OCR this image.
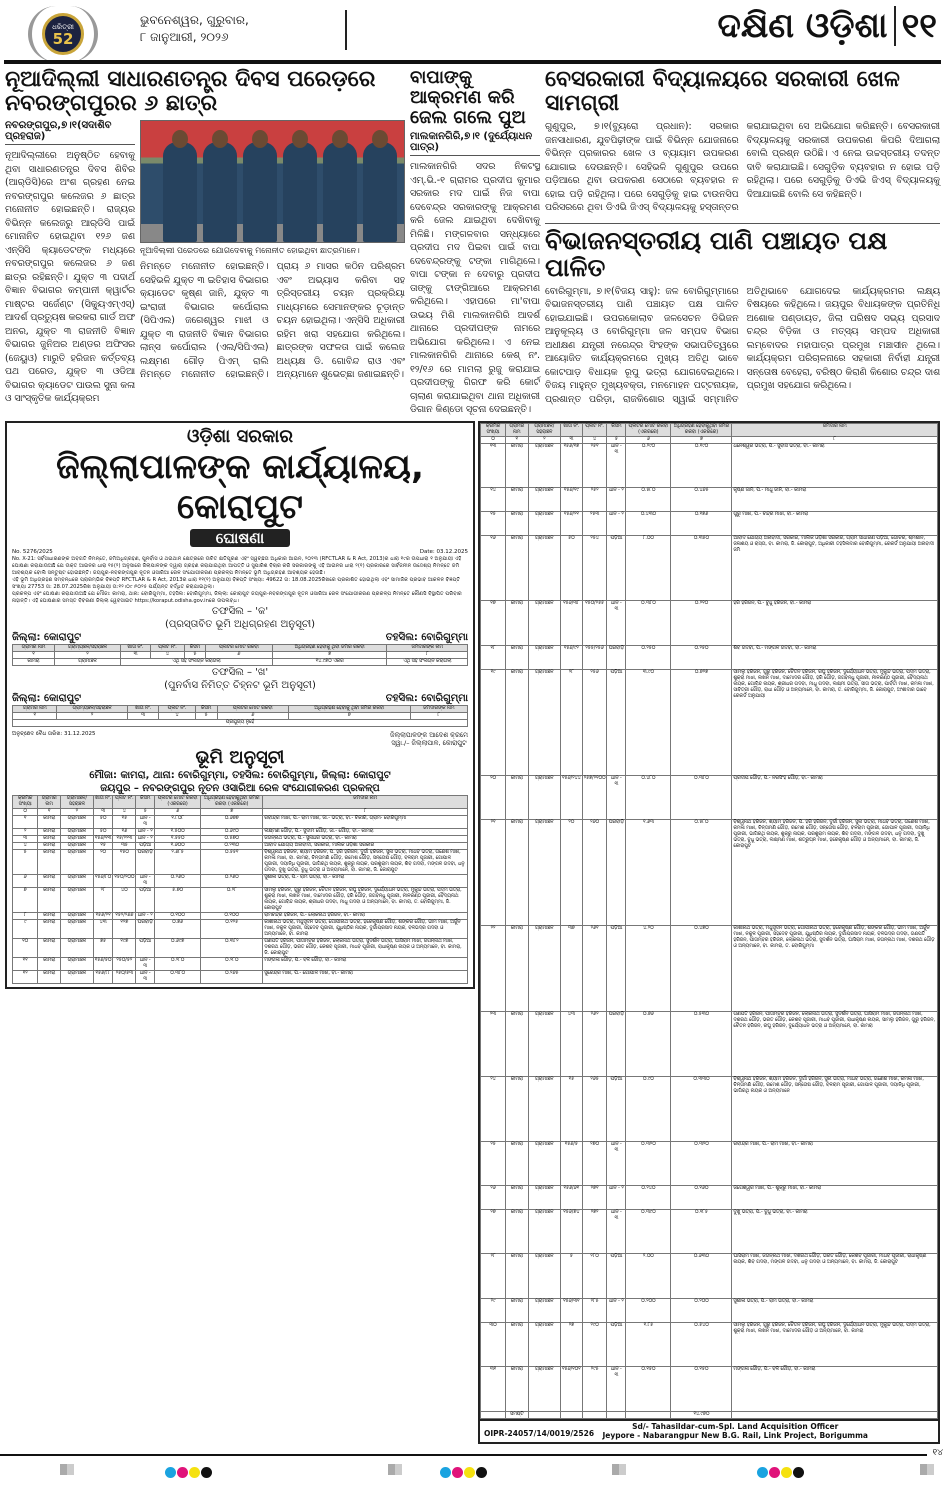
ଧରିତ୍ରୀ
52
ଭୁବନେଶ୍ୱର, ଗୁରୁବାର,
୮ ଜାନୁଆରୀ, ୨୦୨୬	ଦକ୍ଷିଣ ଓଡ଼ିଶା ୧୧
ନୂଆଦିଲ୍ଲୀ ସାଧାରଣତନ୍ତ୍ର ଦିବସ ପରେଡ଼ରେ ନବରଙ୍ଗପୁରର ୬ ଛାତ୍ର
ନବରଙ୍ଗପୁର,୭।୧(ସଦାଶିବ ପ୍ରହରାଜ)
ନୂଆଦିଲ୍ଲୀରେ ଅନୁଷ୍ଠିତ ହେବାକୁ ଥିବା ସାଧାରଣତନ୍ତ୍ର ଦିବସ ଶିବିର (ଆର୍‌ଡିସି)ରେ ଅଂଶ ଗ୍ରହଣ ନେଇ ନବରଙ୍ଗପୁର କଲେଜର ୬ ଛାତ୍ର ମନୋନୀତ ହୋଇଛନ୍ତି। ରାଜ୍ୟର ବିଭିନ୍ନ କଲେଜରୁ ଆର୍‌ଡିସି ପାଇଁ ମୋନାନିତ ହୋଇଥିବା ୧୨୬ ଜଣ ଏନ୍‌ସିସି କ୍ୟାଡେଟଙ୍କ ମଧ୍ୟରେ ନବରଙ୍ଗପୁର କଲେଜର ୬ ଜଣ ଛାତ୍ର ରହିଛନ୍ତି। ଯୁକ୍ତ ୩ ପଦାର୍ଥ ବିଜ୍ଞାନ ବିଭାଗର କମ୍ପାନୀ କ୍ୱାର୍ଟର ମାଷ୍ଟର ସର୍ଜେଣ୍ଟ (ସିକ୍ୟୁଏମ୍‌ଏସ୍) ଆଦର୍ଶ ପ୍ରତ୍ୟୁଷ କରକରା ଗାର୍ଡ ଅଫ ଅନର, ଯୁକ୍ତ ୩ ରାଜନୀତି ବିଜ୍ଞାନ ବିଭାଗର ଜୁନିଅର ଅଣ୍ଡର ଅଫିସର (ଜେୟୁଓ) ମାରୁତି ହରିଜନ କର୍ତ୍ତବ୍ୟ ପଥ ପରେଡ, ଯୁକ୍ତ ୩ ଓଡିଆ ବିଭାଗର କ୍ୟାଡେଟ ପାଉଲ ସୁନା କଳା ଓ ସାଂସ୍କୃତିକ କାର୍ଯ୍ୟକ୍ରମ
ନୂଆଦିଲ୍ଲୀ ପରେଡରେ ଯୋଗଦେବାକୁ ମନୋନୀତ ହୋଇଥିବା ଛାତ୍ରମାନେ।
ନିମନ୍ତେ ମନୋନୀତ ହୋଇଛନ୍ତି। ସେହିଭଳି ଯୁକ୍ତ ୩ ଇତିହାସ ବିଭାଗର କ୍ୟାଡେଟ କୃଷ୍ଣ ଜାନି, ଯୁକ୍ତ ୩ ଇଂରାଜୀ ବିଭାଗର କର୍ପୋରାଲ (ସିପିଏଲ) ଜଗେଶ୍ୱର ମାଝୀ ଓ ଯୁକ୍ତ ୩ ରାଜନୀତି ବିଜ୍ଞାନ ବିଭାଗର ଲାନ୍ସ କର୍ପୋରାଲ (ଏଲ/ସିପିଏଲ) ଲକ୍ଷ୍ମଣ ଗୌଡ଼ ପିଏମ୍ ରାଲି ନିମନ୍ତେ ମନୋନୀତ ହୋଇଛନ୍ତି। ପ୍ରାୟ ୬ ମାସର କଠିନ ପରିଶ୍ରମ ଏବଂ ଅଭ୍ୟାସ କରିବା ସହ ତ୍ରିସ୍ତରୀୟ ଚୟନ ପ୍ରକ୍ରିୟା ମାଧ୍ୟମରେ ସେମାନଙ୍କର ଚୂଡ଼ାନ୍ତ ଚୟନ ହୋଇଥିଲା। ଏନ୍‌ସିସି ଅଧିକାରୀ ରହିମ ଖରା ସହଯୋଗ କରିଥିଲେ। ଛାତ୍ରଙ୍କ ସଫଳତା ପାଇଁ କଲେଜ ଅଧ୍ୟକ୍ଷ ଡି. ଗୋବିନ୍ଦ ରାଓ ଏବଂ ଅନ୍ୟମାନେ ଶୁଭେଚ୍ଛା ଜଣାଇଛନ୍ତି।
ବାପାଙ୍କୁ ଆକ୍ରମଣ କରି ଜେଲ ଗଲେ ପୁଅ
ମାଲକାନଗିରି,୭।୧ (ଦୁର୍ଯ୍ୟୋଧନ ପାତ୍ର)
ମାଲକାନଗିରି ସଦର ନିକଟସ୍ଥ ଏମ୍.ଭି.-୧ ଗ୍ରାମର ପ୍ରଦୀପ କୁମାର ସରକାର ମଦ ପାଇଁ ନିଜ ବାପା ଦେବେନ୍ଦ୍ର ସରକାରଙ୍କୁ ଆକ୍ରମଣ କରି ଜେଲ ଯାଇଥିବା ଦେଖିବାକୁ ମିଳିଛି। ମଙ୍ଗଳବାର ସନ୍ଧ୍ୟାରେ ପ୍ରଦୀପ ମଦ ପିଇବା ପାଇଁ ବାପା ଦେବେନ୍ଦ୍ରଙ୍କୁ ଟଙ୍କା ମାଗିଥିଲେ। ବାପା ଟଙ୍କା ନ ଦେବାରୁ ପ୍ରଦୀପ ତାଙ୍କୁ ଟାଙ୍ଗିଆରେ ଆକ୍ରମଣ କରିଥିଲେ। ଏହାପରେ ମା'ବାପା ଉଭୟ ମିଶି ମାଲକାନଗିରି ଆଦର୍ଶ ଥାନାରେ ପ୍ରଦୀପଙ୍କ ନାମରେ ଅଭିଯୋଗ କରିଥିଲେ। ଏ ନେଇ ମାଲକାନଗିରି ଥାନାରେ କେଶ୍ ନଂ. ୧୨/୧୬ ରେ ମାମଲା ରୁଜୁ କରାଯାଇ ପ୍ରଦୀପଙ୍କୁ ଗିରଫ କରି କୋର୍ଟ ଚାଲାଣ କରାଯାଇଥିବା ଥାନା ଅଧିକାରୀ ଡିଗାନ କିଣ୍ଡୋ ସୂଚନା ଦେଇଛନ୍ତି।
ବେସରକାରୀ ବିଦ୍ୟାଳୟରେ ସରକାରୀ ଖେଳ ସାମଗ୍ରୀ
ଗୁଣୁପୁର, ୭।୧(ବ୍ୟୁରୋ ପ୍ରଧାନ): ସରକାର ଜନସାଧାରଣ, ଯୁବପିଢ଼ୀଙ୍କ ପାଇଁ ବିଭିନ୍ନ ଯୋଜନାରେ ବିଭିନ୍ନ ପ୍ରକାରର ଖେଳ ଓ ବ୍ୟାୟାମ ଉପକରଣ ଯୋଗାଇ ଦେଉଛନ୍ତି। ସେହିଭଳି ଗୁଣୁପୁର ଉପରେ ପଡ଼ିଆରେ ଥିବା ଉପକରଣ ସେଠାରେ ବ୍ୟବହାର ନ ହୋଇ ପଡ଼ି ରହିଥିଲା। ପରେ ସେଗୁଡ଼ିକୁ ହାଇ ଟାଉନସିପ ପରିସରରେ ଥିବା ଡିଏଭି ଜିଏସ୍ ବିଦ୍ୟାଳୟକୁ ହସ୍ତାନ୍ତର କରାଯାଇଥିବା ସେ ଅଭିଯୋଗ କରିଛନ୍ତି। ବେସରକାରୀ ବିଦ୍ୟାଳୟକୁ ସରକାରୀ ଉପକରଣ କିପରି ଦିଆଗଲା ବୋଲି ପ୍ରଶ୍ନ ଉଠିଛି। ଏ ନେଇ ଉଚ୍ଚସ୍ତରୀୟ ତଦନ୍ତ ଦାବି କରାଯାଇଛି। ସେଗୁଡ଼ିକ ବ୍ୟବହାର ନ ହୋଇ ପଡ଼ି ରହିଥିଲା। ପରେ ସେଗୁଡ଼ିକୁ ଡିଏଭି ଜିଏସ୍ ବିଦ୍ୟାଳୟକୁ ଦିଆଯାଇଛି ବୋଲି ସେ କହିଛନ୍ତି।
ବିଭାଜନସ୍ତରୀୟ ପାଣି ପଞ୍ଚାୟତ ପକ୍ଷ ପାଳିତ
ବୋରିଗୁମ୍ମା, ୭।୧(ବିଜୟ ସାହୁ): ଜଳ ବୋରିଗୁମ୍ମାରେ ବିଭାଜନସ୍ତରୀୟ ପାଣି ପଞ୍ଚାୟତ ପକ୍ଷ ପାଳିତ ହୋଇଯାଇଛି। ଉପରକୋଲାବ ଜଳସେଚନ ଡିଭିଜନ ଆନୁକୂଲ୍ୟ ଓ ବୋରିଗୁମ୍ମା ଜଳ ସମ୍ପଦ ବିଭାଗ ଅଧୀକ୍ଷଣ ଯନ୍ତ୍ରୀ ନରେନ୍ଦ୍ର ସିଂହଙ୍କ ସଭାପତିତ୍ୱରେ ଆୟୋଜିତ କାର୍ଯ୍ୟକ୍ରମରେ ମୁଖ୍ୟ ଅତିଥି ଭାବେ କୋଟପାଡ଼ ବିଧାୟକ ରୂପୁ ଭତ୍ରା ଯୋଗଦେଇଥିଲେ। ବିଜୟ ମାହୁନ୍ତ ମୁଖ୍ୟବକ୍ତା, ମନମୋହନ ପଟ୍ଟନାୟକ, ପ୍ରଶାନ୍ତ ପରିଡ଼ା, ରାଜକିଶୋର ସ୍ୱାଇଁ ସମ୍ମାନିତ ଅତିଥିଭାବେ ଯୋଗଦେଇ କାର୍ଯ୍ୟକ୍ରମର ଲକ୍ଷ୍ୟ ବିଷୟରେ କହିଥିଲେ। ଜୟପୁର ବିଧାୟକଙ୍କ ପ୍ରତିନିଧି ଅଶୋକ ପଣ୍ଡାୟତ, ଜିଲା ପରିଷଦ ସଭ୍ୟ ପ୍ରସାଦ ଚନ୍ଦ୍ର ବିଡ଼ିକା ଓ ମତ୍ସ୍ୟ ସମ୍ପଦ ଅଧିକାରୀ ଲମ୍ବୋଦର ମହାପାତ୍ର ପ୍ରମୁଖ ମଞ୍ଚାସୀନ ଥିଲେ। କାର୍ଯ୍ୟକ୍ରମ ପରିଚାଳନାରେ ସହକାରୀ ନିର୍ବାହୀ ଯନ୍ତ୍ରୀ ସନ୍ତୋଷ ବେହେରା, ବରିଷ୍ଠ କିରାଣି କିଶୋର ଚନ୍ଦ୍ର ଦାଶ ପ୍ରମୁଖ ସହଯୋଗ କରିଥିଲେ।
ଓଡ଼ିଶା ସରକାର
ଜିଲ୍ଲାପାଳଙ୍କ କାର୍ଯ୍ୟାଳୟ, କୋରାପୁଟ
ଘୋଷଣା
No. 5276/2025	Date: 03.12.2025
No. X-21: ସର୍ବସାଧାରଣଙ୍କ ଅବଗତି ନିମନ୍ତେ, ଜମିଅଧିଗ୍ରହଣ, ପୁନର୍ବାସ ଓ ଥଇଥାନ କ୍ଷେତ୍ରରେ ଉଚିତ କ୍ଷତିପୂରଣ ଏବଂ ସ୍ୱଚ୍ଛତା ଅଧିକାର ଆଇନ, ୨୦୧୩ (RFCTLAR & R Act, 2013)ର ଧାରା ୧୯ର ଉପଧାରା ୧ ଅନୁଯାୟୀ ଏହି ଘୋଷଣା କରାଯାଉଅଛି ଯେ ଉକ୍ତ ଆଇନର ଧାରା ୧୫(୨) ଅନୁସାରେ ଜିଲାପାଳଙ୍କ ଦ୍ୱାରା ଗ୍ରହଣ କରାଯାଇଥିବା ଆପତ୍ତି ଓ ସୁପାରିଶ ବିଚାର କରି ସରକାରଙ୍କୁ ଏହି ଆଇନର ଧାରା ୨(୧) ପ୍ରକାରରେ ସାର୍ବଜନୀନ ଉଦ୍ଦେଶ୍ୟ ନିମନ୍ତେ ଜମି ଆବଶ୍ୟକ ବୋଲି ସନ୍ତୁଷ୍ଟ ହୋଇଛନ୍ତି। ଜୟପୁର-ନବରଙ୍ଗପୁର ନୂତନ ଓସାରିଆ ରେଳ ସଂଯୋଗୀକରଣ ପ୍ରକଳ୍ପ ନିମନ୍ତେ ଭୂମି ଅଧିଗ୍ରହଣ ଆବଶ୍ୟକ ହେଉଛି।
ଏହି ଭୂମି ଅଧିଗ୍ରହଣ ସମ୍ବନ୍ଧରେ ପ୍ରାରମ୍ଭିକ ବିଜ୍ଞପ୍ତି RFCTLAR & R Act, 2013ର ଧାରା ୧୧(୧) ଅନୁଯାୟୀ ବିଜ୍ଞପ୍ତି ସଂଖ୍ୟା: 49622 ତା: 18.08.2025ରିଖରେ ପ୍ରକାଶିତ ହୋଇଥିଲା ଏବଂ ସାମାଜିକ ପ୍ରଭାବ ଆକଳନ ବିଜ୍ଞପ୍ତି ସଂଖ୍ୟା 27753 ତା: 28.07.2025ରିଖ ଅନୁଯାୟୀ ତା:୧୨।୦୯।୨୦୨୫ ପର୍ଯ୍ୟନ୍ତ ବର୍ଦ୍ଧିତ କରାଯାଇଥିଲା।
ପ୍ରକଳ୍ପ ଏବଂ ଘୋଷଣା କରାଯାଉଅଛି ଯେ ମୌଜା: କାମରା, ଥାନା: ବୋରିଗୁମ୍ମା, ତହସିଲ: ବୋରିଗୁମ୍ମା, ଜିଲ୍ଲା: କୋରାପୁଟ ଜୟପୁର-ନବରଙ୍ଗପୁର ନୂତନ ଓସାରିଆ ରେଳ ସଂଯୋଗୀକରଣ ପ୍ରକଳ୍ପ ନିମନ୍ତେ କୌଣସି ବିସ୍ଥାପିତ ପରିବାର ନାହାନ୍ତି। ଏହି ଘୋଷଣାର ସମସ୍ତ ବିବରଣୀ ଜିଲ୍ଲା ୱେବସାଇଟ https://koraput.odisha.gov.inରେ ଉପଲବ୍ଧ।
ତଫସିଲ – 'କ'
(ପ୍ରସ୍ତାବିତ ଭୂମି ଅଧିଗ୍ରହଣ ଅନୁସୂଚୀ)
ଜିଲ୍ଲା: କୋରାପୁଟ	ତହସିଲ: ବୋରିଗୁମ୍ମା
ଗ୍ରାମର ନାମ	ଗ୍ରାମ୍ୟଞ୍ଚଳ/ସହରାଞ୍ଚଳ	ଖାତା ନଂ.	ପ୍ଲଟ ନଂ.	କିସମ	ପ୍ଲଟର ମୋଟ ରକବା	ଅଧିଗ୍ରହଣ ହେବାକୁ ଥିବା ଜମିର ରକବା	ଜମିଦାରଙ୍କ ନାମ
୧	୨	୩	୪	୫	୬	୭	୮
କାମରା	ଗ୍ରାମାଞ୍ଚଳ	ଏଥି ସହ ସଂଲଗ୍ନ କରାଗଲା				୧୪.୯୭୦ ଏକର	ଏଥି ସହ ସଂଲଗ୍ନ କରାଗଲା
ତଫସିଲ – 'ଖ'
(ପୁନର୍ବାସ ନିମିତ୍ତ ଚିହ୍ନଟ ଭୂମି ଅନୁସୂଚୀ)
ଜିଲ୍ଲା: କୋରାପୁଟ	ତହସିଲ: ବୋରିଗୁମ୍ମା
ଗ୍ରାମର ନାମ	ଗ୍ରାମ୍ୟଞ୍ଚଳ/ସହରାଞ୍ଚଳ	ଖାତା ନଂ.	ପ୍ଲଟ ନଂ.	କିସମ	ପ୍ଲଟର ମୋଟ ରକବା	ଅଧିଗ୍ରହଣ ହେବାକୁ ଥିବା ଜମିର ରକବା	ଜମିଦାରଙ୍କ ନାମ
୧	୨	୩	୪	୫	୬	୭	୮
ପ୍ରଯୁଜ୍ୟ ନୁହେଁ							
ଅନୁଚ୍ଛେଦ ବୈଧ ତାରିଖ: 31.12.2025	ଜିଲ୍ଲାପାଳଙ୍କ ଆଦେଶ କ୍ରମେ
ସ୍ୱା./– ଜିଲ୍ଲାପାଳ, କୋରାପୁଟ
ଭୂମି ଅନୁସୂଚୀ
ମୌଜା: କାମରା, ଥାନା: ବୋରିଗୁମ୍ମା, ତହସିଲ: ବୋରିଗୁମ୍ମା, ଜିଲ୍ଲା: କୋରାପୁଟ
ଜୟପୁର – ନବରଙ୍ଗପୁର ନୂତନ ଓସାରିଆ ରେଳ ସଂଯୋଗୀକରଣ ପ୍ରକଳ୍ପ
କ୍ରମିକ ସଂଖ୍ୟା	ଗ୍ରାମର ନାମ	ଗ୍ରାମାଞ୍ଚଳ/ ସହରାଞ୍ଚଳ	ଖାତା ନଂ.	ପ୍ଲଟ ନଂ.	କିସମ	ପ୍ଲଟର ମୋଟ ରକବା (ଏକରରେ)	ଅଧିଗ୍ରହଣ ହେବାକୁଥିବା ଜମିର ରକବା (ଏକରରେ)	ଜମିଦାର ନାମ
୦	୧	୨	୩	୪	୫	୬	୭	୮
୧	କାମରା	ଗ୍ରାମାଞ୍ଚଳ	୫୦	୧୫	ଧାନ - ୩	୧.୮୦୮	୦.୬୭୭	ରବୀନ୍ଦ୍ର ମାଝୀ, ପି.- ରାମ ମାଝୀ, ଜା.- ଭତ୍ରା, ବା.- ଚିକାରି, ଗ୍ରାମ- ବୋରିଗୁମ୍ମା
୨	କାମରା	ଗ୍ରାମାଞ୍ଚଳ	୫୦	୧୬	ଧାନ - ୨	୧.୫୦୦	୦.୬୯୦	ଲକ୍ଷ୍ମଣ ଗୌଡ଼, ପି.- ସୁଦାମ ଗୌଡ଼, ଜା.- ଗୌଡ଼, ବା.- କାମରା
୩	କାମରା	ଗ୍ରାମାଞ୍ଚଳ	୧୫୬/୧୩	୧୫/୨୨୩	ଧାନ - ୨	୧.୫୫୦	୦.୫୭୦	ଜଗନ୍ନାଥ ଭତ୍ରା, ପି.- ସୁନାଧର ଭତ୍ରା, ବା.- କାମରା
୪	କାମରା	ଗ୍ରାମାଞ୍ଚଳ	୧୫	୩୫	ପଡ଼ିଆ	୧.୬୦୦	୦.୨୩୦	ଆବାଦ ଯୋଗ୍ୟ ଅନାବାଦୀ, ସରକାର, ମାଲିକ ଓଡ଼ିଶା ସରକାର
୫	କାମରା	ଗ୍ରାମାଞ୍ଚଳ	୨୦	୧୫୦	ଘରବାଡ଼ି	୨.୬୮୫	୦.୫୫୧	ବିଶ୍ୱନାଥ ହରିଜନ, ଶ୍ୟାମ ହରିଜନ, ପି. ହରି ହରିଜନ, ଦୁର୍ଗା ହରିଜନ, ସୁନା ଭତ୍ରା, ମାଧବ ଭତ୍ରା, ଗଣେଶ ମାଝୀ, କମଳା ମାଝୀ, ବା. କାମରା, ଚିନ୍ତାମଣି ଗୌଡ଼, ରମେଶ ଗୌଡ଼, ସନ୍ତୋଷ ଗୌଡ଼, ବଳରାମ ପୂଜାରୀ, ଗୋପାଳ ପୂଜାରୀ, ଦୟାନିଧି ପୂଜାରୀ, ଭାଗିରଥି ନାୟକ, ଶୁକ୍ରୁ ନାୟକ, ପରଶୁରାମ ନାୟକ, ଶିବ ଗଦବା, ମଙ୍ଗଳ ଗଦବା, ଧନୁ ଗଦବା, ଦୁଖୁ ଭତ୍ରା, ବୁଧୁ ଭତ୍ରା ଓ ଅନ୍ୟମାନେ, ବା. କାମରା, ଜି. କୋରାପୁଟ
୬	କାମରା	ଗ୍ରାମାଞ୍ଚଳ	୧୫୬/୮୦	୧୫୦/୨୦୦	ଧାନ - ୩	୦.୨୬୦	୦.୨୬୦	ସୁଶୀଳା ଭତ୍ରା, ପି.- ରାମ ଭତ୍ରା, ବା.- କାମରା
୭	କାମରା	ଗ୍ରାମାଞ୍ଚଳ	୨୮	୪୦	ପଡ଼ିଆ	୫.୭୦	୦.୨୮	ସାମଲୁ ହରିଜନ, ଗୁରୁ ହରିଜନ, ଚୈତନ ହରିଜନ, ରଘୁ ହରିଜନ, ଦୁର୍ଯ୍ୟୋଧନ ଭତ୍ରା, ମୁକୁନ୍ଦ ଭତ୍ରା, ପଦ୍ମ ଭତ୍ରା, ଶୁକ୍ରା ମାଝୀ, ଲଖନ ମାଝୀ, ଦାମୋଦର ଗୌଡ଼, ହରି ଗୌଡ଼, ଜଗବନ୍ଧୁ ପୂଜାରୀ, ନୀଳକଣ୍ଠ ପୂଜାରୀ, ବୈଦ୍ୟନାଥ ନାୟକ, ଗୋବିନ୍ଦ ନାୟକ, ଶ୍ରୀଧର ଗଦବା, ମାଧୁ ଗଦବା ଓ ଅନ୍ୟମାନେ, ବା. କାମରା, ତ. ବୋରିଗୁମ୍ମା, ଜି. କୋରାପୁଟ
୮	କାମରା	ଗ୍ରାମାଞ୍ଚଳ	୧୫୬/୨୧	୧୫୨/୨୬୬	ଧାନ - ୨	୦.୧୦୦	୦.୧୦୦	ରାମଚନ୍ଦ୍ର ହରିଜନ, ପି.- ଲୋକନାଥ ହରିଜନ, ବା.- କାମରା
୯	କାମରା	ଗ୍ରାମାଞ୍ଚଳ	୪୩	୧୨୭	ଘରବାଡ଼ି	୦.୭୬	୦.୧୨୫	କାଶୀନାଥ ଭତ୍ରା, ମଧୁସୂଦନ ଭତ୍ରା, ଗୋପୀନାଥ ଭତ୍ରା, ହରେକୃଷ୍ଣ ଗୌଡ଼, ଶଙ୍କର ଗୌଡ଼, ଭୀମ ମାଝୀ, ଅର୍ଜୁନ ମାଝୀ, ନକୁଳ ପୂଜାରୀ, ସହଦେବ ପୂଜାରୀ, ଯୁଧିଷ୍ଠିର ନାୟକ, ଦୁର୍ଗାପ୍ରସାଦ ନାୟକ, ବଳଭଦ୍ର ଗଦବା ଓ ଅନ୍ୟମାନେ, ବା. କାମରା
୧୦	କାମରା	ଗ୍ରାମାଞ୍ଚଳ	୭୫	୧୯୭	ପଡ଼ିଆ	୦.୬୯୭	୦.୩୮୨	ଗଣପତି ହରିଜନ, ପୀତାମ୍ବର ହରିଜନ, ଲୋକନାଥ ଭତ୍ରା, ସୁଦର୍ଶନ ଭତ୍ରା, ଘାସିରାମ ମାଝୀ, ଜଗନ୍ନାଥ ମାଝୀ, ଦଶରଥ ଗୌଡ଼, ଭରତ ଗୌଡ଼, କେଶବ ପୂଜାରୀ, ମାଧବ ପୂଜାରୀ, ରାଧାକୃଷ୍ଣ ନାୟକ ଓ ଅନ୍ୟମାନେ, ବା. କାମରା, ଜି. କୋରାପୁଟ
୧୧	କାମରା	ଗ୍ରାମାଞ୍ଚଳ	୧୫୬/୫୦	୨୫୦/୫୨	ଧାନ - ୩	୦.୨୮୦	୦.୨୮୦	ମଙ୍ଗଳା ଗୌଡ଼, ପି.- ବଳି ଗୌଡ଼, ବା.- କାମରା
୧୨	କାମରା	ଗ୍ରାମାଞ୍ଚଳ	୧୫୬/୮୮	୨୫୦/୫୩	ଧାନ - ୩	୦.୩୮୦	୦.୨୬୫	ସୁରେନ୍ଦ୍ର ମାଝୀ, ପି.- ଗୋପାଳ ମାଝୀ, ବା.- କାମରା
କ୍ରମିକ ସଂଖ୍ୟା	ଗ୍ରାମର ନାମ	ଗ୍ରାମାଞ୍ଚଳ/ ସହରାଞ୍ଚଳ	ଖାତା ନଂ.	ପ୍ଲଟ ନଂ.	କିସମ	ପ୍ଲଟର ମୋଟ ରକବା (ଏକରରେ)	ଅଧିଗ୍ରହଣ ହେବାକୁଥିବା ଜମିର ରକବା (ଏକରରେ)	ଜମିଦାର ନାମ
୦	୧	୨	୩	୪	୫	୬	୭	୮
୧୩	କାମରା	ଗ୍ରାମାଞ୍ଚଳ	୧୫୬/୧୭	୨୫୧	ଧାନ - ୩	୦.୨୯୦	୦.୧୯୦	ଧନେଶ୍ୱର ଭତ୍ରା, ପି.- ସୁବାସ ଭତ୍ରା, ବା.- କାମରା
୧୪	କାମରା	ଗ୍ରାମାଞ୍ଚଳ	୧୫୬/୧୯	୨୫୨	ଧାନ - ୨	୦.୫୮୦	୦.୪୬୫	କୃଷ୍ଣ ଜାନି, ପି.- ମାଧୁ ଜାନି, ବା.- କାମରା
୧୫	କାମରା	ଗ୍ରାମାଞ୍ଚଳ	୧୫୬/୨୧	୨୫୩	ଧାନ - ୨	୦.୪୩୦	୦.୧୭୬	ଗୁରୁ ମାଝୀ, ପି.- ଚନ୍ଦ୍ର ମାଝୀ, ବା.- କାମରା
୧୬	କାମରା	ଗ୍ରାମାଞ୍ଚଳ	୫୦	୨୫୪	ପଡ଼ିଆ	୮.୦୦	୦.୩୫୦	ଆବାଦ ଯୋଗ୍ୟ ଅନାବାଦୀ, ସରକାର, ମାଲିକ ଓଡ଼ିଶା ସରକାର, ଗ୍ରାମ ସାଧାରଣ ପଡ଼ିଆ, ଗୋଚର, ଶ୍ମଶାନ, ଜଳାଶୟ ଓ ରାସ୍ତା, ବା. କାମରା, ଜି. କୋରାପୁଟ, ଅଧିକାରୀ ତହସିଲଦାର ବୋରିଗୁମ୍ମା, ରେକର୍ଡ ଅନୁଯାୟୀ ଅନାବାଦୀ ଜମି
୧୭	କାମରା	ଗ୍ରାମାଞ୍ଚଳ	୧୫୬/୩୮	୧୫୦/୨୫୫	ଧାନ - ୩	୦.୩୮୦	୦.୨୧୦	ହରି ହରିଜନ, ପି.- ବୁଧୁ ହରିଜନ, ବା.- କାମରା
୧୮	କାମରା	ଗ୍ରାମାଞ୍ଚଳ	୧୫୬/୯୨	୨୫୫/୨୫୬	ଘରବାଡ଼ି	୦.୨୫୦	୦.୨୫୦	ଶିବ ଗଦବା, ପି.- ମଙ୍ଗଳ ଗଦବା, ବା.- କାମରା
୧୯	କାମରା	ଗ୍ରାମାଞ୍ଚଳ	୨୮	୨୫୬	ପଡ଼ିଆ	୩.୯୦	୦.୭୨୭	ସାମଲୁ ହରିଜନ, ଗୁରୁ ହରିଜନ, ଚୈତନ ହରିଜନ, ରଘୁ ହରିଜନ, ଦୁର୍ଯ୍ୟୋଧନ ଭତ୍ରା, ମୁକୁନ୍ଦ ଭତ୍ରା, ପଦ୍ମ ଭତ୍ରା, ଶୁକ୍ରା ମାଝୀ, ଲଖନ ମାଝୀ, ଦାମୋଦର ଗୌଡ଼, ହରି ଗୌଡ଼, ଜଗବନ୍ଧୁ ପୂଜାରୀ, ନୀଳକଣ୍ଠ ପୂଜାରୀ, ବୈଦ୍ୟନାଥ ନାୟକ, ଗୋବିନ୍ଦ ନାୟକ, ଶ୍ରୀଧର ଗଦବା, ମାଧୁ ଗଦବା, ଲକ୍ଷ୍ମୀ ଭତ୍ରା, ସୀତା ଭତ୍ରା, ପାର୍ବତୀ ମାଝୀ, କମଳା ମାଝୀ, ସାବିତ୍ରୀ ଗୌଡ଼, ରାଧା ଗୌଡ଼ ଓ ଅନ୍ୟମାନେ, ବା. କାମରା, ତ. ବୋରିଗୁମ୍ମା, ଜି. କୋରାପୁଟ, ଅଂଶୀଦାର ଭାବେ ରେକର୍ଡ ଅନୁଯାୟୀ
୨୦	କାମରା	ଗ୍ରାମାଞ୍ଚଳ	୧୫୬/୨୪୪	୨୫୭/୨୧୦୦	ଧାନ - ୩	୦.୪୮୦	୦.୩୮୦	ପ୍ରଦୀପ ଗୌଡ଼, ପି.- ନରସିଂହ ଗୌଡ଼, ବା.- କାମରା
୨୧	କାମରା	ଗ୍ରାମାଞ୍ଚଳ	୨୦	୨୬୦	ଘରବାଡ଼ି	୧.୬୩	୦.୫୮୦	ବିଶ୍ୱନାଥ ହରିଜନ, ଶ୍ୟାମ ହରିଜନ, ପି. ହରି ହରିଜନ, ଦୁର୍ଗା ହରିଜନ, ସୁନା ଭତ୍ରା, ମାଧବ ଭତ୍ରା, ଗଣେଶ ମାଝୀ, କମଳା ମାଝୀ, ଚିନ୍ତାମଣି ଗୌଡ଼, ରମେଶ ଗୌଡ଼, ସନ୍ତୋଷ ଗୌଡ଼, ବଳରାମ ପୂଜାରୀ, ଗୋପାଳ ପୂଜାରୀ, ଦୟାନିଧି ପୂଜାରୀ, ଭାଗିରଥି ନାୟକ, ଶୁକ୍ରୁ ନାୟକ, ପରଶୁରାମ ନାୟକ, ଶିବ ଗଦବା, ମଙ୍ଗଳ ଗଦବା, ଧନୁ ଗଦବା, ଦୁଖୁ ଭତ୍ରା, ବୁଧୁ ଭତ୍ରା, ଲକ୍ଷ୍ମଣ ମାଝୀ, ଶତ୍ରୁଘ୍ନ ମାଝୀ, ହରେକୃଷ୍ଣ ଗୌଡ଼ ଓ ଅନ୍ୟମାନେ, ବା. କାମରା, ଜି. କୋରାପୁଟ
୨୨	କାମରା	ଗ୍ରାମାଞ୍ଚଳ	୩୭	୨୬୧	ପଡ଼ିଆ	୪.୨୦	୦.୪୭୦	କାଶୀନାଥ ଭତ୍ରା, ମଧୁସୂଦନ ଭତ୍ରା, ଗୋପୀନାଥ ଭତ୍ରା, ହରେକୃଷ୍ଣ ଗୌଡ଼, ଶଙ୍କର ଗୌଡ଼, ଭୀମ ମାଝୀ, ଅର୍ଜୁନ ମାଝୀ, ନକୁଳ ପୂଜାରୀ, ସହଦେବ ପୂଜାରୀ, ଯୁଧିଷ୍ଠିର ନାୟକ, ଦୁର୍ଗାପ୍ରସାଦ ନାୟକ, ବଳଭଦ୍ର ଗଦବା, ଗଣପତି ହରିଜନ, ପୀତାମ୍ବର ହରିଜନ, ଲୋକନାଥ ଭତ୍ରା, ସୁଦର୍ଶନ ଭତ୍ରା, ଘାସିରାମ ମାଝୀ, ଜଗନ୍ନାଥ ମାଝୀ, ଦଶରଥ ଗୌଡ଼ ଓ ଅନ୍ୟମାନେ, ବା. କାମରା, ତ. ବୋରିଗୁମ୍ମା
୨୩	କାମରା	ଗ୍ରାମାଞ୍ଚଳ	୪୩	୨୬୨	ଘରବାଡ଼ି	୦.୭୬	୦.୫୩୦	ଗଣପତି ହରିଜନ, ପୀତାମ୍ବର ହରିଜନ, ଲୋକନାଥ ଭତ୍ରା, ସୁଦର୍ଶନ ଭତ୍ରା, ଘାସିରାମ ମାଝୀ, ଜଗନ୍ନାଥ ମାଝୀ, ଦଶରଥ ଗୌଡ଼, ଭରତ ଗୌଡ଼, କେଶବ ପୂଜାରୀ, ମାଧବ ପୂଜାରୀ, ରାଧାକୃଷ୍ଣ ନାୟକ, ସାମଲୁ ହରିଜନ, ଗୁରୁ ହରିଜନ, ଚୈତନ ହରିଜନ, ରଘୁ ହରିଜନ, ଦୁର୍ଯ୍ୟୋଧନ ଭତ୍ରା ଓ ଅନ୍ୟମାନେ, ବା. କାମରା
୨୪	କାମରା	ଗ୍ରାମାଞ୍ଚଳ	୧୫	୨୬୫	ପଡ଼ିଆ	୦.୯୦	୦.୩୩୦	ବିଶ୍ୱନାଥ ହରିଜନ, ଶ୍ୟାମ ହରିଜନ, ଦୁର୍ଗା ହରିଜନ, ସୁନା ଭତ୍ରା, ମାଧବ ଭତ୍ରା, ଗଣେଶ ମାଝୀ, କମଳା ମାଝୀ, ଚିନ୍ତାମଣି ଗୌଡ଼, ରମେଶ ଗୌଡ଼, ସନ୍ତୋଷ ଗୌଡ଼, ବଳରାମ ପୂଜାରୀ, ଗୋପାଳ ପୂଜାରୀ, ଦୟାନିଧି ପୂଜାରୀ, ଭାଗିରଥି ନାୟକ ଓ ଅନ୍ୟମାନେ
୨୫	କାମରା	ଗ୍ରାମାଞ୍ଚଳ	୧୫୬/୫	୨୭୦	ଧାନ - ୩	୦.୩୨୦	୦.୩୨୦	ରବୀନ୍ଦ୍ର ମାଝୀ, ପି.- ରାମ ମାଝୀ, ବା.- କାମରା
୨୬	କାମରା	ଗ୍ରାମାଞ୍ଚଳ	୧୫୬/୬୧	୨୭୧	ଧାନ - ୨	୦.୨୪୦	୦.୧୬୦	ଜଗେଶ୍ୱର ମାଝୀ, ପି.- ଶୁକ୍ରୁ ମାଝୀ, ବା.- କାମରା
୨୭	କାମରା	ଗ୍ରାମାଞ୍ଚଳ	୧୫୬/୭୪	୨୭୨	ଧାନ - ୩	୦.୩୯୦	୦.୧୮୫	ଦୁଖୁ ଭତ୍ରା, ପି.- ବୁଧୁ ଭତ୍ରା, ବା.- କାମରା
୨୮	କାମରା	ଗ୍ରାମାଞ୍ଚଳ	୫	୨୮୦	ପଡ଼ିଆ	୨.୦୦	୦.୬୩୦	ଘାସିରାମ ମାଝୀ, ଜଗନ୍ନାଥ ମାଝୀ, ଦଶରଥ ଗୌଡ଼, ଭରତ ଗୌଡ଼, କେଶବ ପୂଜାରୀ, ମାଧବ ପୂଜାରୀ, ରାଧାକୃଷ୍ଣ ନାୟକ, ଶିବ ଗଦବା, ମଙ୍ଗଳ ଗଦବା, ଧନୁ ଗଦବା ଓ ଅନ୍ୟମାନେ, ବା. କାମରା, ଜି. କୋରାପୁଟ
୨୯	କାମରା	ଗ୍ରାମାଞ୍ଚଳ	୧୫୬/୩୧	୨୮୫	ଧାନ - ୨	୦.୨୦୦	୦.୨୦୦	ସୁଶୀଳା ଭତ୍ରା, ପି.- ରାମ ଭତ୍ରା, ବା.- କାମରା
୩୦	କାମରା	ଗ୍ରାମାଞ୍ଚଳ	୨୭	୨୯୦	ପଡ଼ିଆ	୧.୮୫	୦.୫୪୦	ସାମଲୁ ହରିଜନ, ଗୁରୁ ହରିଜନ, ଚୈତନ ହରିଜନ, ରଘୁ ହରିଜନ, ଦୁର୍ଯ୍ୟୋଧନ ଭତ୍ରା, ମୁକୁନ୍ଦ ଭତ୍ରା, ପଦ୍ମ ଭତ୍ରା, ଶୁକ୍ରା ମାଝୀ, ଲଖନ ମାଝୀ, ଦାମୋଦର ଗୌଡ଼ ଓ ଅନ୍ୟମାନେ, ବା. କାମରା
୩୧	କାମରା	ଗ୍ରାମାଞ୍ଚଳ	୧୫୬/୧୦୧	୨୯୫	ଧାନ - ୩	୦.୧୫୦	୦.୧୫୦	ମଙ୍ଗଳା ଗୌଡ଼, ପି.- ବଳି ଗୌଡ଼, ବା.- କାମରା
	ସମଷ୍ଟି						୧୪.୯୭୦	
OIPR-24057/14/0019/2526
Sd/- Tahasildar-cum-Spl. Land Acquisition Officer
Jeypore - Nabarangpur New B.G. Rail, Link Project, Borigumma
୧୪
